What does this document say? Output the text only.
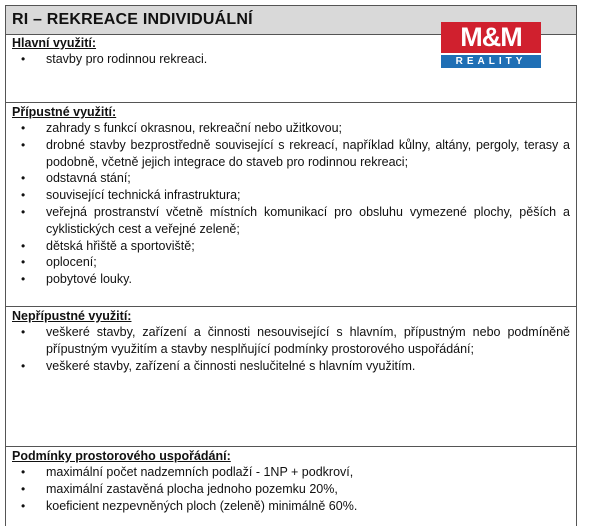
RI – REKREACE INDIVIDUÁLNÍ
Hlavní využití:
• stavby pro rodinnou rekreaci.
Přípustné využití:
• zahrady s funkcí okrasnou, rekreační nebo užitkovou;
• drobné stavby bezprostředně související s rekreací, například kůlny, altány, pergoly, terasy a podobně, včetně jejich integrace do staveb pro rodinnou rekreaci;
• odstavná stání;
• související technická infrastruktura;
• veřejná prostranství včetně místních komunikací pro obsluhu vymezené plochy, pěších a cyklistických cest a veřejné zeleně;
• dětská hřiště a sportoviště;
• oplocení;
• pobytové louky.
Nepřípustné využití:
• veškeré stavby, zařízení a činnosti nesouvisející s hlavním, přípustným nebo podmíněně přípustným využitím a stavby nesplňující podmínky prostorového uspořádání;
• veškeré stavby, zařízení a činnosti neslučitelné s hlavním využitím.
Podmínky prostorového uspořádání:
• maximální počet nadzemních podlaží - 1NP + podkroví,
• maximální zastavěná plocha jednoho pozemku 20%,
• koeficient nezpevněných ploch (zeleně) minimálně 60%.
M&M
REALITY
